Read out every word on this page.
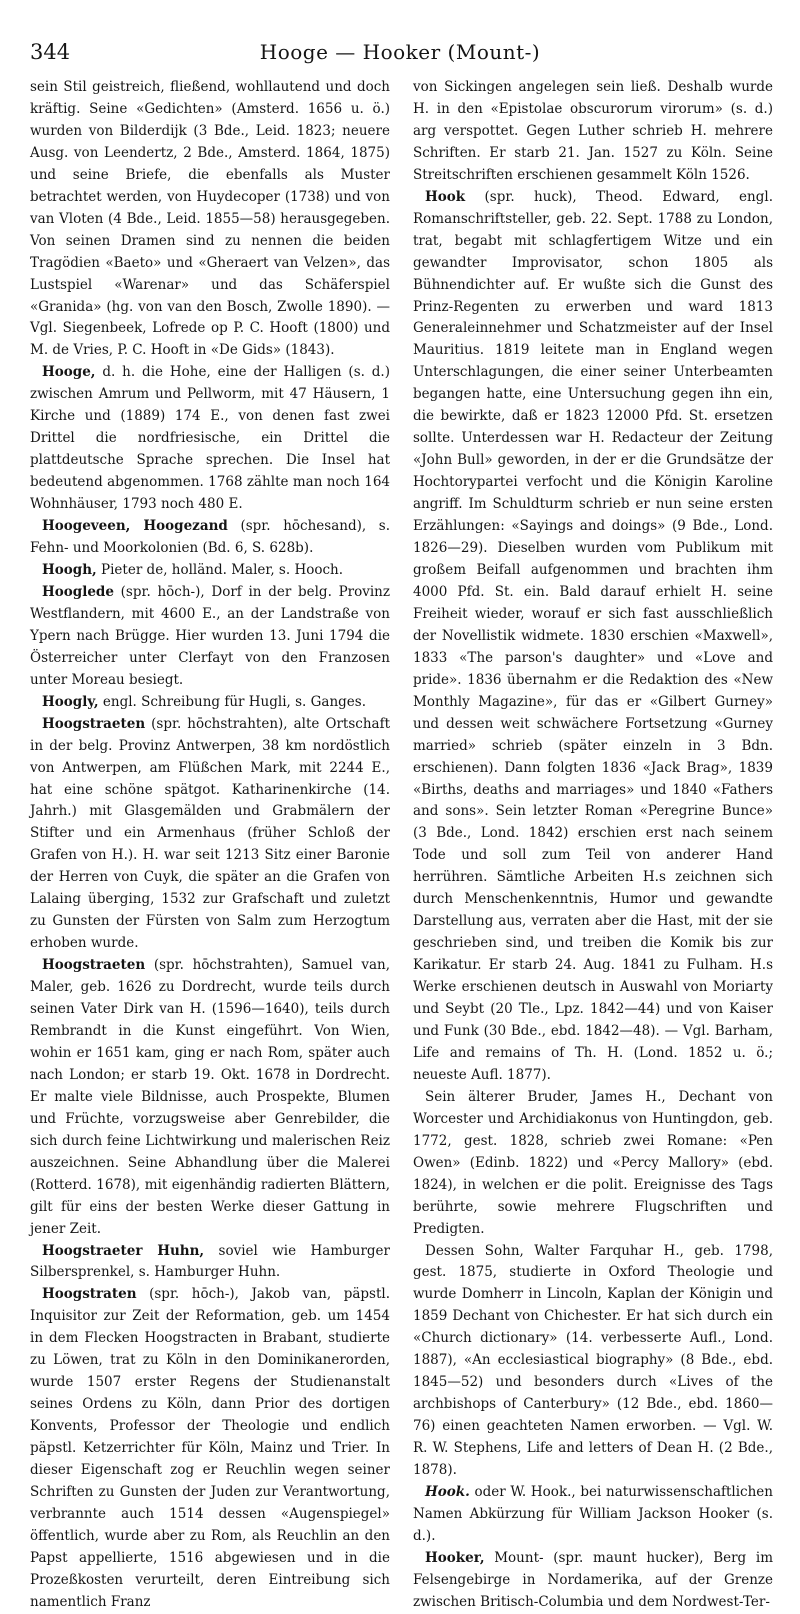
344	Hooge — Hooker (Mount-)

sein Stil geistreich, fließend, wohllautend und doch kräftig. Seine «Gedichten» (Amsterd. 1656 u. ö.) wurden von Bilderdijk (3 Bde., Leid. 1823; neuere Ausg. von Leendertz, 2 Bde., Amsterd. 1864, 1875) und seine Briefe, die ebenfalls als Muster betrachtet werden, von Huydecoper (1738) und von van Vloten (4 Bde., Leid. 1855—58) herausgegeben. Von seinen Dramen sind zu nennen die beiden Tragödien «Baeto» und «Gheraert van Velzen», das Lustspiel «Warenar» und das Schäferspiel «Granida» (hg. von van den Bosch, Zwolle 1890). — Vgl. Siegenbeek, Lofrede op P. C. Hooft (1800) und M. de Vries, P. C. Hooft in «De Gids» (1843).

Hooge, d. h. die Hohe, eine der Halligen (s. d.) zwischen Amrum und Pellworm, mit 47 Häusern, 1 Kirche und (1889) 174 E., von denen fast zwei Drittel die nordfriesische, ein Drittel die plattdeutsche Sprache sprechen. Die Insel hat bedeutend abgenommen. 1768 zählte man noch 164 Wohnhäuser, 1793 noch 480 E.

Hoogeveen, Hoogezand (spr. hōchesand), s. Fehn- und Moorkolonien (Bd. 6, S. 628b).

Hoogh, Pieter de, holländ. Maler, s. Hooch.

Hooglede (spr. hōch-), Dorf in der belg. Provinz Westflandern, mit 4600 E., an der Landstraße von Ypern nach Brügge. Hier wurden 13. Juni 1794 die Österreicher unter Clerfayt von den Franzosen unter Moreau besiegt.

Hoogly, engl. Schreibung für Hugli, s. Ganges.

Hoogstraeten (spr. hōchstrahten), alte Ortschaft in der belg. Provinz Antwerpen, 38 km nordöstlich von Antwerpen, am Flüßchen Mark, mit 2244 E., hat eine schöne spätgot. Katharinenkirche (14. Jahrh.) mit Glasgemälden und Grabmälern der Stifter und ein Armenhaus (früher Schloß der Grafen von H.). H. war seit 1213 Sitz einer Baronie der Herren von Cuyk, die später an die Grafen von Lalaing überging, 1532 zur Grafschaft und zuletzt zu Gunsten der Fürsten von Salm zum Herzogtum erhoben wurde.

Hoogstraeten (spr. hōchstrahten), Samuel van, Maler, geb. 1626 zu Dordrecht, wurde teils durch seinen Vater Dirk van H. (1596—1640), teils durch Rembrandt in die Kunst eingeführt. Von Wien, wohin er 1651 kam, ging er nach Rom, später auch nach London; er starb 19. Okt. 1678 in Dordrecht. Er malte viele Bildnisse, auch Prospekte, Blumen und Früchte, vorzugsweise aber Genrebilder, die sich durch feine Lichtwirkung und malerischen Reiz auszeichnen. Seine Abhandlung über die Malerei (Rotterd. 1678), mit eigenhändig radierten Blättern, gilt für eins der besten Werke dieser Gattung in jener Zeit.

Hoogstraeter Huhn, soviel wie Hamburger Silbersprenkel, s. Hamburger Huhn.

Hoogstraten (spr. hōch-), Jakob van, päpstl. Inquisitor zur Zeit der Reformation, geb. um 1454 in dem Flecken Hoogstracten in Brabant, studierte zu Löwen, trat zu Köln in den Dominikanerorden, wurde 1507 erster Regens der Studienanstalt seines Ordens zu Köln, dann Prior des dortigen Konvents, Professor der Theologie und endlich päpstl. Ketzerrichter für Köln, Mainz und Trier. In dieser Eigenschaft zog er Reuchlin wegen seiner Schriften zu Gunsten der Juden zur Verantwortung, verbrannte auch 1514 dessen «Augenspiegel» öffentlich, wurde aber zu Rom, als Reuchlin an den Papst appellierte, 1516 abgewiesen und in die Prozeßkosten verurteilt, deren Eintreibung sich namentlich Franz

von Sickingen angelegen sein ließ. Deshalb wurde H. in den «Epistolae obscurorum virorum» (s. d.) arg verspottet. Gegen Luther schrieb H. mehrere Schriften. Er starb 21. Jan. 1527 zu Köln. Seine Streitschriften erschienen gesammelt Köln 1526.

Hook (spr. huck), Theod. Edward, engl. Romanschriftsteller, geb. 22. Sept. 1788 zu London, trat, begabt mit schlagfertigem Witze und ein gewandter Improvisator, schon 1805 als Bühnendichter auf. Er wußte sich die Gunst des Prinz-Regenten zu erwerben und ward 1813 Generaleinnehmer und Schatzmeister auf der Insel Mauritius. 1819 leitete man in England wegen Unterschlagungen, die einer seiner Unterbeamten begangen hatte, eine Untersuchung gegen ihn ein, die bewirkte, daß er 1823 12000 Pfd. St. ersetzen sollte. Unterdessen war H. Redacteur der Zeitung «John Bull» geworden, in der er die Grundsätze der Hochtorypartei verfocht und die Königin Karoline angriff. Im Schuldturm schrieb er nun seine ersten Erzählungen: «Sayings and doings» (9 Bde., Lond. 1826—29). Dieselben wurden vom Publikum mit großem Beifall aufgenommen und brachten ihm 4000 Pfd. St. ein. Bald darauf erhielt H. seine Freiheit wieder, worauf er sich fast ausschließlich der Novellistik widmete. 1830 erschien «Maxwell», 1833 «The parson's daughter» und «Love and pride». 1836 übernahm er die Redaktion des «New Monthly Magazine», für das er «Gilbert Gurney» und dessen weit schwächere Fortsetzung «Gurney married» schrieb (später einzeln in 3 Bdn. erschienen). Dann folgten 1836 «Jack Brag», 1839 «Births, deaths and marriages» und 1840 «Fathers and sons». Sein letzter Roman «Peregrine Bunce» (3 Bde., Lond. 1842) erschien erst nach seinem Tode und soll zum Teil von anderer Hand herrühren. Sämtliche Arbeiten H.s zeichnen sich durch Menschenkenntnis, Humor und gewandte Darstellung aus, verraten aber die Hast, mit der sie geschrieben sind, und treiben die Komik bis zur Karikatur. Er starb 24. Aug. 1841 zu Fulham. H.s Werke erschienen deutsch in Auswahl von Moriarty und Seybt (20 Tle., Lpz. 1842—44) und von Kaiser und Funk (30 Bde., ebd. 1842—48). — Vgl. Barham, Life and remains of Th. H. (Lond. 1852 u. ö.; neueste Aufl. 1877).

Sein älterer Bruder, James H., Dechant von Worcester und Archidiakonus von Huntingdon, geb. 1772, gest. 1828, schrieb zwei Romane: «Pen Owen» (Edinb. 1822) und «Percy Mallory» (ebd. 1824), in welchen er die polit. Ereignisse des Tags berührte, sowie mehrere Flugschriften und Predigten.

Dessen Sohn, Walter Farquhar H., geb. 1798, gest. 1875, studierte in Oxford Theologie und wurde Domherr in Lincoln, Kaplan der Königin und 1859 Dechant von Chichester. Er hat sich durch ein «Church dictionary» (14. verbesserte Aufl., Lond. 1887), «An ecclesiastical biography» (8 Bde., ebd. 1845—52) und besonders durch «Lives of the archbishops of Canterbury» (12 Bde., ebd. 1860—76) einen geachteten Namen erworben. — Vgl. W. R. W. Stephens, Life and letters of Dean H. (2 Bde., 1878).

Hook. oder W. Hook., bei naturwissenschaftlichen Namen Abkürzung für William Jackson Hooker (s. d.).

Hooker, Mount- (spr. maunt hucker), Berg im Felsengebirge in Nordamerika, auf der Grenze zwischen Britisch-Columbia und dem Nordwest-Ter-
